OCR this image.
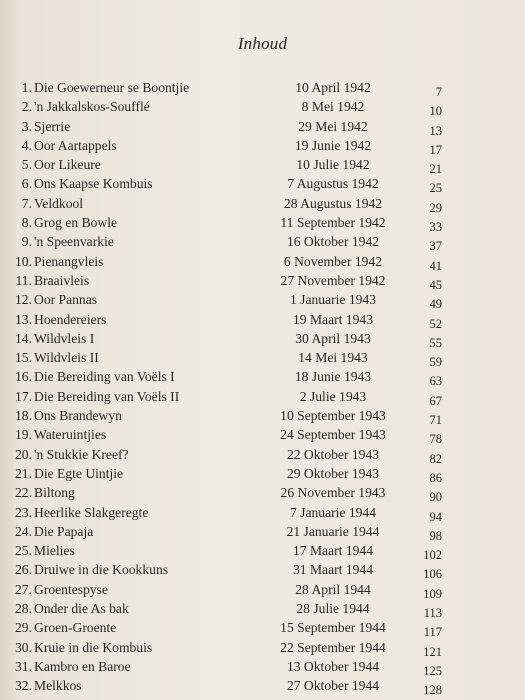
Inhoud
1. Die Goewerneur se Boontjie	10 April 1942	7
2. 'n Jakkalskos-Soufflé	8 Mei 1942	10
3. Sjerrie	29 Mei 1942	13
4. Oor Aartappels	19 Junie 1942	17
5. Oor Likeure	10 Julie 1942	21
6. Ons Kaapse Kombuis	7 Augustus 1942	25
7. Veldkool	28 Augustus 1942	29
8. Grog en Bowle	11 September 1942	33
9. 'n Speenvarkie	16 Oktober 1942	37
10. Pienangvleis	6 November 1942	41
11. Braaivleis	27 November 1942	45
12. Oor Pannas	1 Januarie 1943	49
13. Hoendereiers	19 Maart 1943	52
14. Wildvleis I	30 April 1943	55
15. Wildvleis II	14 Mei 1943	59
16. Die Bereiding van Voëls I	18 Junie 1943	63
17. Die Bereiding van Voëls II	2 Julie 1943	67
18. Ons Brandewyn	10 September 1943	71
19. Wateruintjies	24 September 1943	78
20. 'n Stukkie Kreef?	22 Oktober 1943	82
21. Die Egte Uintjie	29 Oktober 1943	86
22. Biltong	26 November 1943	90
23. Heerlike Slakgeregte	7 Januarie 1944	94
24. Die Papaja	21 Januarie 1944	98
25. Mielies	17 Maart 1944	102
26. Druiwe in die Kookkuns	31 Maart 1944	106
27. Groentespyse	28 April 1944	109
28. Onder die As bak	28 Julie 1944	113
29. Groen-Groente	15 September 1944	117
30. Kruie in die Kombuis	22 September 1944	121
31. Kambro en Baroe	13 Oktober 1944	125
32. Melkkos	27 Oktober 1944	128
